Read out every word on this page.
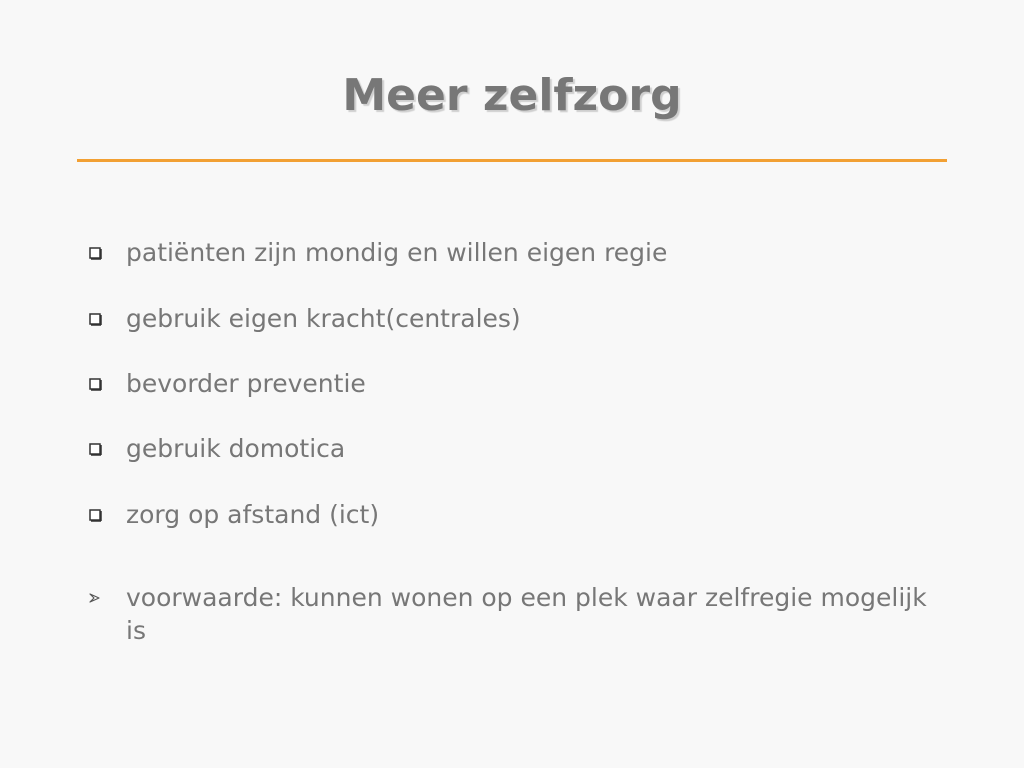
Meer zelfzorg
patiënten zijn mondig en willen eigen regie
gebruik eigen kracht(centrales)
bevorder preventie
gebruik domotica
zorg op afstand (ict)
voorwaarde: kunnen wonen op een plek waar zelfregie mogelijk is
